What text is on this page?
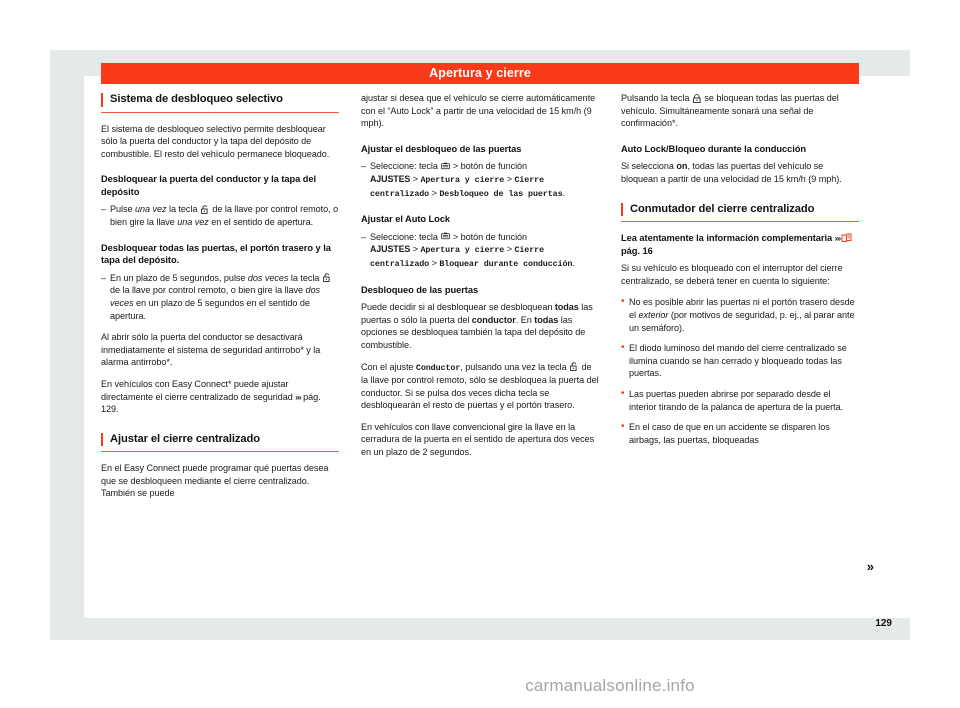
Apertura y cierre
Sistema de desbloqueo selectivo

El sistema de desbloqueo selectivo permite desbloquear sólo la puerta del conductor y la tapa del depósito de combustible. El resto del vehículo permanece bloqueado.

Desbloquear la puerta del conductor y la tapa del depósito
– Pulse una vez la tecla
de la llave por control remoto, o bien gire la llave una vez en el sentido de apertura.
Desbloquear todas las puertas, el portón trasero y la tapa del depósito.
– En un plazo de 5 segundos, pulse dos veces la tecla
de la llave por control remoto, o bien gire la llave dos veces en un plazo de 5 segundos en el sentido de apertura.

Al abrir sólo la puerta del conductor se desactivará inmediatamente el sistema de seguridad antirrobo* y la alarma antirrobo*.

En vehículos con Easy Connect* puede ajustar directamente el cierre centralizado de seguridad ››› pág. 129.

Ajustar el cierre centralizado

En el Easy Connect puede programar qué puertas desea que se desbloqueen mediante el cierre centralizado. También se puede

ajustar si desea que el vehículo se cierre automáticamente con el “Auto Lock” a partir de una velocidad de 15 km/h (9 mph).

Ajustar el desbloqueo de las puertas
– Seleccione: tecla
> botón de función
AJUSTES > Apertura y cierre > Cierre centralizado > Desbloqueo de las puertas.
Ajustar el Auto Lock
– Seleccione: tecla
> botón de función
AJUSTES > Apertura y cierre > Cierre centralizado > Bloquear durante conducción.
Desbloqueo de las puertas

Puede decidir si al desbloquear se desbloquean todas las puertas o sólo la puerta del conductor. En todas las opciones se desbloquea también la tapa del depósito de combustible.

Con el ajuste Conductor, pulsando una vez la tecla
de la llave por control remoto, sólo se desbloquea la puerta del conductor. Si se pulsa dos veces dicha tecla se desbloquearán el resto de puertas y el portón trasero.

En vehículos con llave convencional gire la llave en la cerradura de la puerta en el sentido de apertura dos veces en un plazo de 2 segundos.

Pulsando la tecla
se bloquean todas las puertas del vehículo. Simultáneamente sonará una señal de confirmación*.

Auto Lock/Bloqueo durante la conducción

Si selecciona on, todas las puertas del vehículo se bloquean a partir de una velocidad de 15 km/h (9 mph).

Conmutador del cierre centralizado
Lea atentamente la información complementaria ››› pág. 16

Si su vehículo es bloqueado con el interruptor del cierre centralizado, se deberá tener en cuenta lo siguiente:

• No es posible abrir las puertas ni el portón trasero desde el exterior (por motivos de seguridad, p. ej., al parar ante un semáforo).
• El diodo luminoso del mando del cierre centralizado se ilumina cuando se han cerrado y bloqueado todas las puertas.
• Las puertas pueden abrirse por separado desde el interior tirando de la palanca de apertura de la puerta.
• En el caso de que en un accidente se disparen los airbags, las puertas, bloqueadas
»
129
carmanualsonline.info
